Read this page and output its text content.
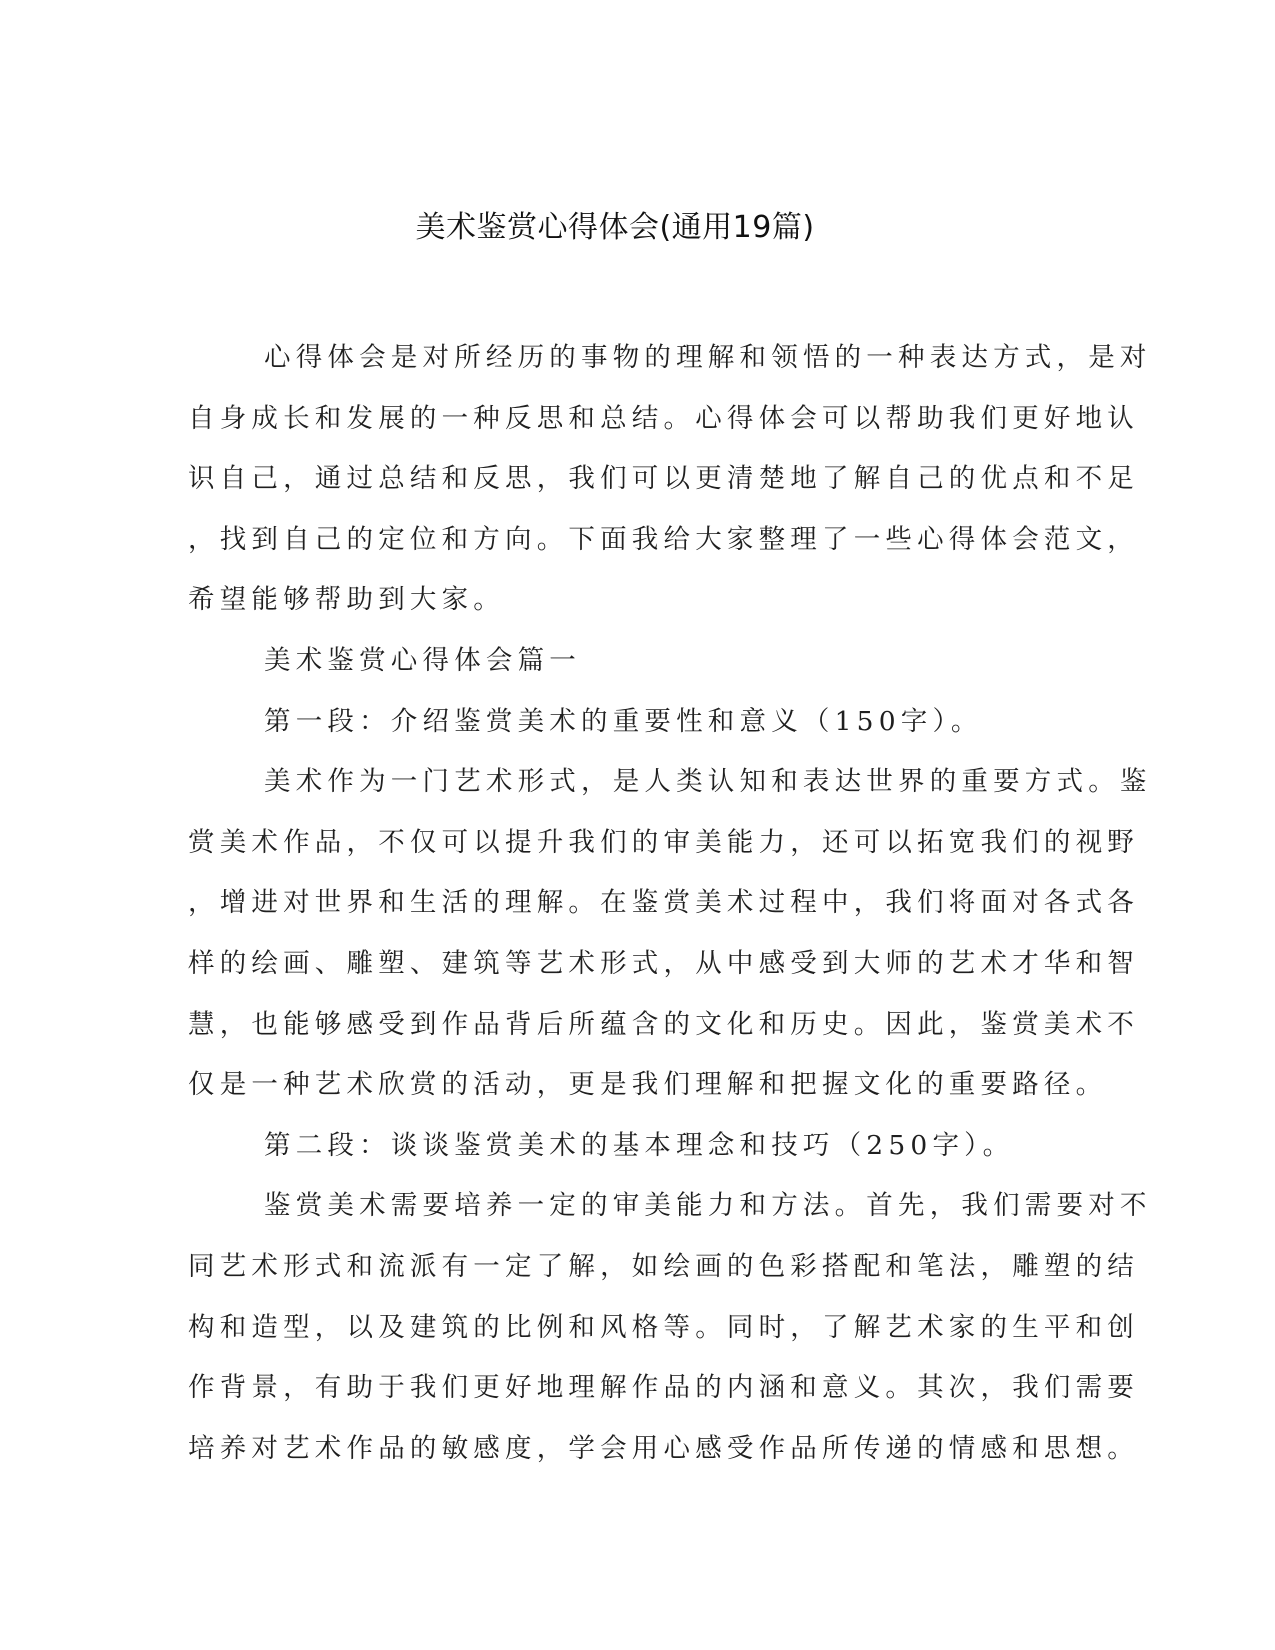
美术鉴赏心得体会(通用19篇)
心得体会是对所经历的事物的理解和领悟的一种表达方式，是对
自身成长和发展的一种反思和总结。心得体会可以帮助我们更好地认
识自己，通过总结和反思，我们可以更清楚地了解自己的优点和不足
，找到自己的定位和方向。下面我给大家整理了一些心得体会范文，
希望能够帮助到大家。
美术鉴赏心得体会篇一
第一段：介绍鉴赏美术的重要性和意义（150字）。
美术作为一门艺术形式，是人类认知和表达世界的重要方式。鉴
赏美术作品，不仅可以提升我们的审美能力，还可以拓宽我们的视野
，增进对世界和生活的理解。在鉴赏美术过程中，我们将面对各式各
样的绘画、雕塑、建筑等艺术形式，从中感受到大师的艺术才华和智
慧，也能够感受到作品背后所蕴含的文化和历史。因此，鉴赏美术不
仅是一种艺术欣赏的活动，更是我们理解和把握文化的重要路径。
第二段：谈谈鉴赏美术的基本理念和技巧（250字）。
鉴赏美术需要培养一定的审美能力和方法。首先，我们需要对不
同艺术形式和流派有一定了解，如绘画的色彩搭配和笔法，雕塑的结
构和造型，以及建筑的比例和风格等。同时，了解艺术家的生平和创
作背景，有助于我们更好地理解作品的内涵和意义。其次，我们需要
培养对艺术作品的敏感度，学会用心感受作品所传递的情感和思想。
